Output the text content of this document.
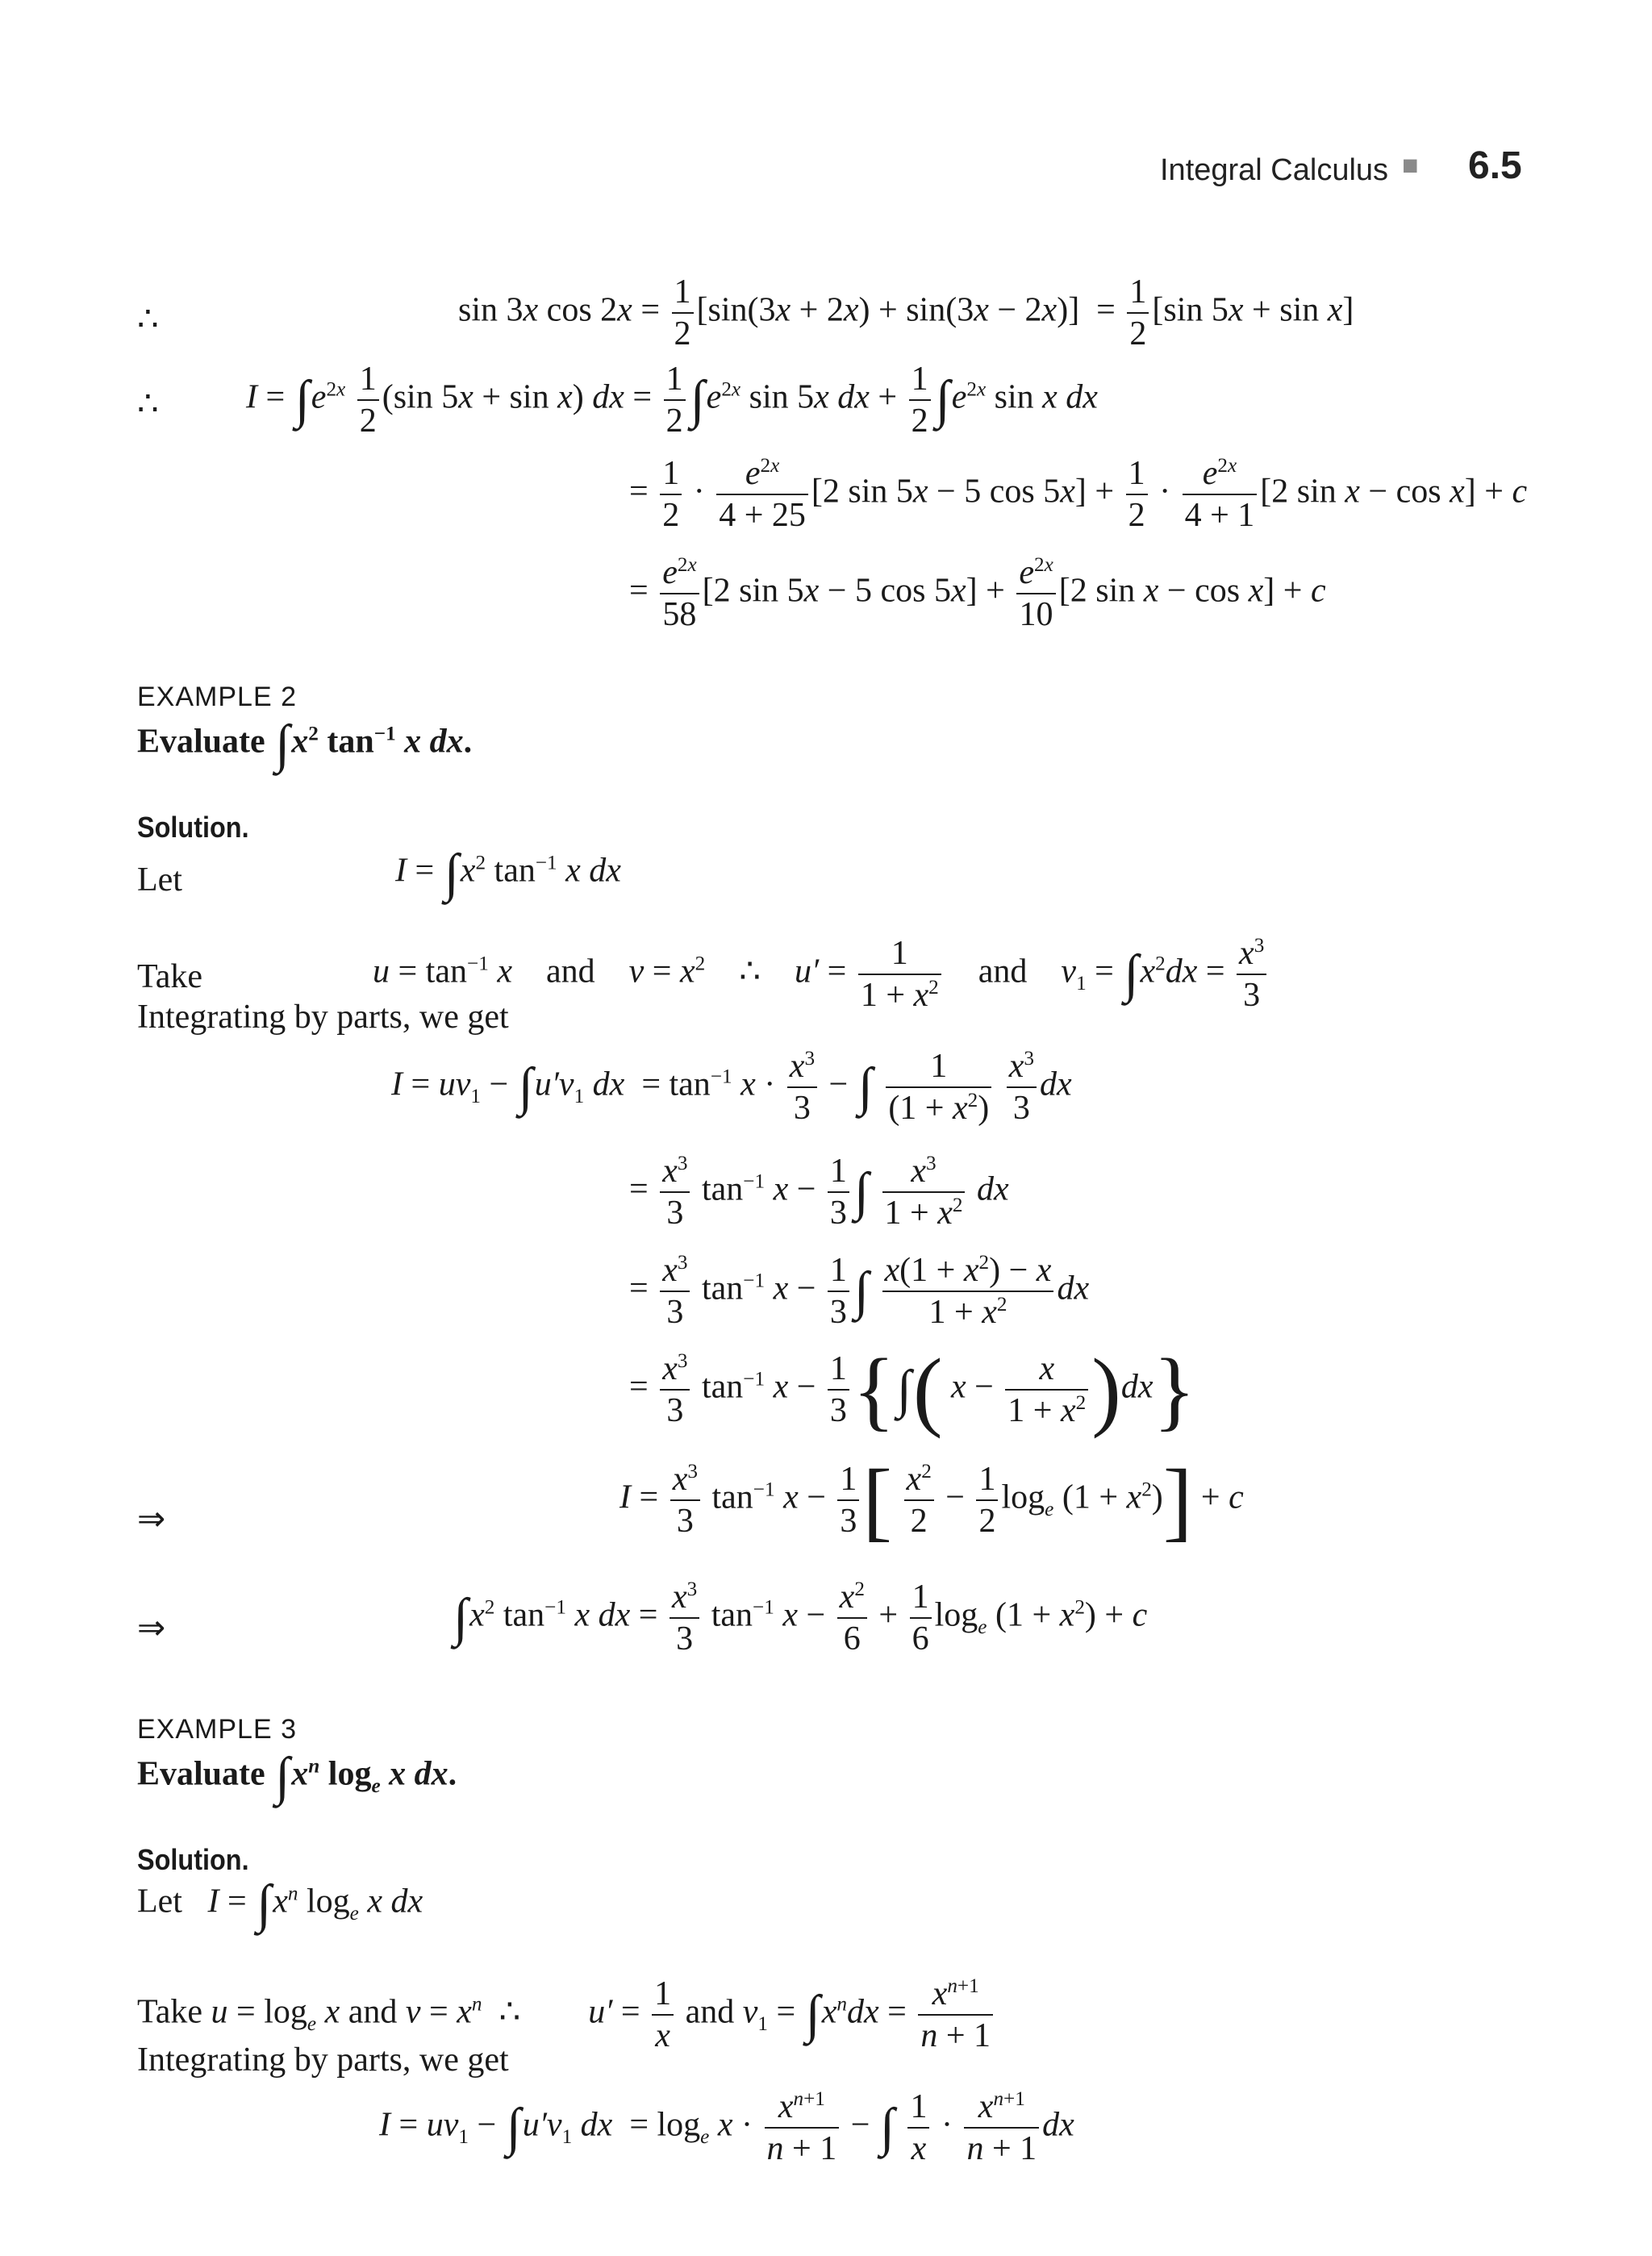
Integral Calculus ■ 6.5
∴	sin 3x $\cos 2x = \frac{1}{2} [\sin(3x + 2x) + \sin(3x - 2x)] = \frac{1}{2} [\sin$ 5x + sin x]
∴	$I = \int e^{2x} \frac{1}{2} (\sin$ 5x + sin x) dx = $\frac{1}{2} \int e^{2x}$ sin 5x dx + $\frac{1}{2} \int e^{2x}$ sin x dx
= $\frac{1}{2} \cdot \frac{e^{2x}}{4 + 25} [2$ sin 5x − 5 $\cos 5x] + \frac{1}{2} \cdot \frac{e^{2x}}{4 + 1} [2$ sin x − cos x] + c
= $\frac{e^{2x}}{58} [2$ sin 5x − 5 $\cos 5x] + \frac{e^{2x}}{10} [2$ sin x − cos x] + c
EXAMPLE 2
Evaluate $\int x^2$ $\tan^{-1} x$ dx.
Solution.
Let	$I = \int x^2$ $\tan^{-1} x$ dx
Take	$u = \tan^{-1} x$ and $v = x^2$ ∴ $u' = \frac{1}{1 + x^2}$ and $v_1 = \int x^2dx = \frac{x^3}{3}$
Integrating by parts, we get
$I = uv_1 - \int u'v_1$ dx  = $\tan^{-1} x \cdot \frac{x^3}{3}$ − ∫ $\frac{1}{(1 + x^2)}$
$\frac{x^3}{3}$ dx
= $\frac{x^3}{3} \tan^{-1} x - \frac{1}{3}$ ∫ $\frac{x^3}{1 + x^2}$ dx
= $\frac{x^3}{3} \tan^{-1} x - \frac{1}{3}$ ∫ $\frac{x(1 + x^2) - x}{1 + x^2}$ dx
= $\frac{x^3}{3} \tan^{-1} x - \frac{1}{3}$ {∫( $x - \frac{x}{1 + x^2} )dx$}
⇒
$I = \frac{x^3}{3} \tan^{-1} x - \frac{1}{3}$ [ $\frac{x^2}{2} - \frac{1}{2} \log_e (1 + x^2)] + c$
⇒	$\int x^2$ $\tan^{-1} x$ dx = $\frac{x^3}{3} \tan^{-1} x - \frac{x^2}{6} + \frac{1}{6} \log_e (1 + x^2) + c$
EXAMPLE 3
Evaluate $\int x^n$ $\log_e x$ dx.
Solution.
Let $I = \int x^n$ $\log_e x$ dx
Take $u = \log_e x$ and $v = x^n$ ∴ $u' = \frac{1}{x}$ and $v_1 = \int x^ndx = \frac{x^{n+1}}{n + 1}$
Integrating by parts, we get
$I = uv_1 - \int u'v_1$ dx  = $\log_e x \cdot \frac{x^{n+1}}{n + 1}$ − ∫ $\frac{1}{x} \cdot \frac{x^{n+1}}{n + 1}$ dx
